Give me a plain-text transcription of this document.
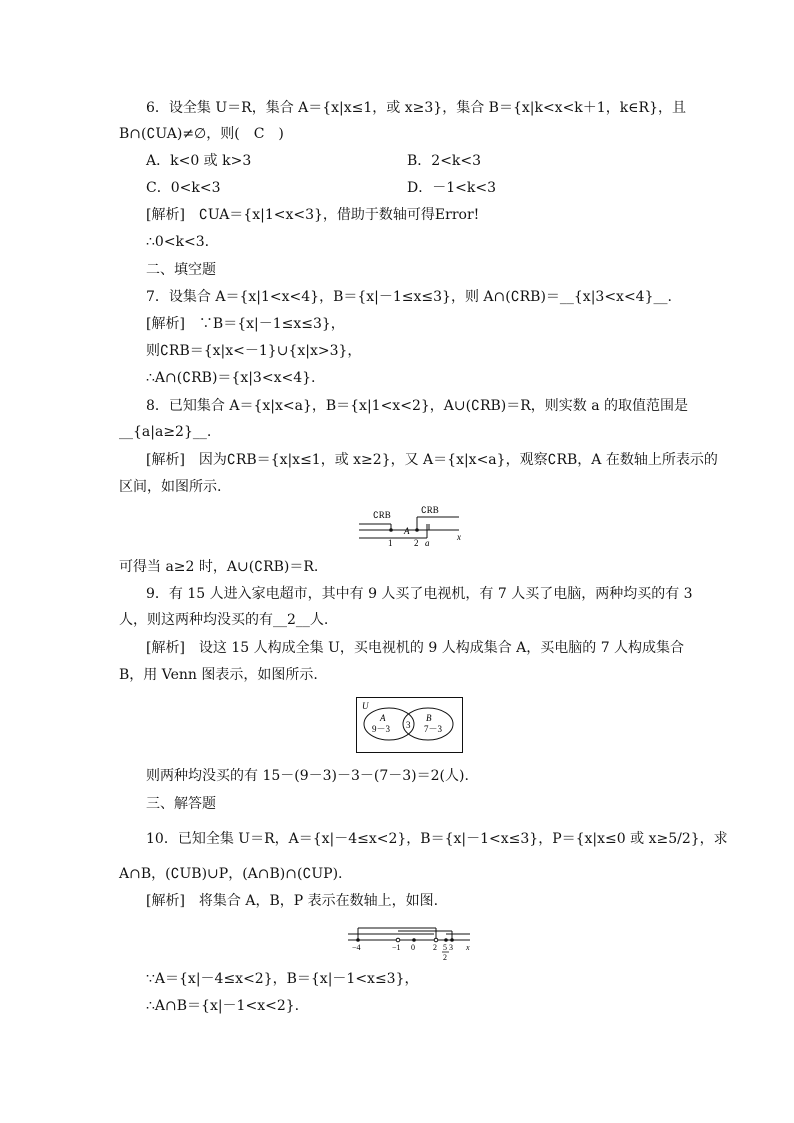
6．设全集 U＝R，集合 A＝{x|x≤1，或 x≥3}，集合 B＝{x|k<x<k＋1，k∈R}，且
B∩(∁UA)≠∅，则(　C　)
A．k<0 或 k>3	B．2<k<3
C．0<k<3	D．－1<k<3
[解析]　∁UA＝{x|1<x<3}，借助于数轴可得Error!
∴0<k<3.
二、填空题
7．设集合 A＝{x|1<x<4}，B＝{x|－1≤x≤3}，则 A∩(∁RB)＝__{x|3<x<4}__.
[解析]　∵B＝{x|－1≤x≤3}，
则∁RB＝{x|x<－1}∪{x|x>3}，
∴A∩(∁RB)＝{x|3<x<4}.
8．已知集合 A＝{x|x<a}，B＝{x|1<x<2}，A∪(∁RB)＝R，则实数 a 的取值范围是
__{a|a≥2}__.
[解析]　因为∁RB＝{x|x≤1，或 x≥2}，又 A＝{x|x<a}，观察∁RB，A 在数轴上所表示的
区间，如图所示.
∁RB	∁RB
A
1 2 a
x
可得当 a≥2 时，A∪(∁RB)＝R.
9．有 15 人进入家电超市，其中有 9 人买了电视机，有 7 人买了电脑，两种均买的有 3
人，则这两种均没买的有__2__人.
[解析]　设这 15 人构成全集 U，买电视机的 9 人构成集合 A，买电脑的 7 人构成集合
B，用 Venn 图表示，如图所示.
U
A
9－3 3
B
7－3
则两种均没买的有 15－(9－3)－3－(7－3)＝2(人).
三、解答题
10．已知全集 U＝R，A＝{x|－4≤x<2}，B＝{x|－1<x≤3}，P＝{x|x≤0 或 x≥5/2}，求
A∩B，(∁UB)∪P，(A∩B)∩(∁UP).
[解析]　将集合 A，B，P 表示在数轴上，如图.
−4	−1 0 2 5 3
2
x
∵A＝{x|－4≤x<2}，B＝{x|－1<x≤3}，
∴A∩B＝{x|－1<x<2}.
